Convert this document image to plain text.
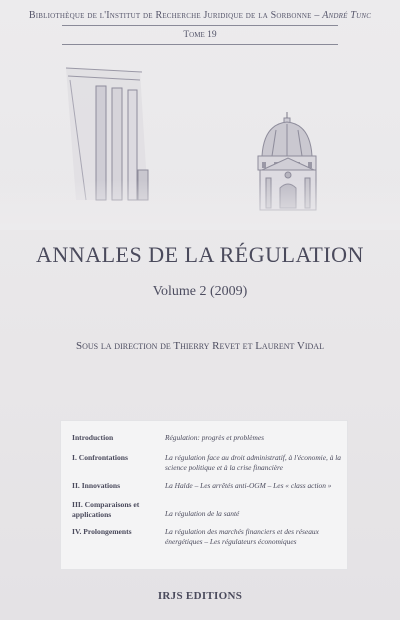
Bibliothèque de l'Institut de Recherche Juridique de la Sorbonne – André Tunc
Tome 19
ANNALES DE LA RÉGULATION
Volume 2 (2009)
Sous la direction de Thierry Revet et Laurent Vidal
Introduction	Régulation: progrès et problèmes
I. Confrontations	La régulation face au droit administratif, à l'économie, à la science politique et à la crise financière
II. Innovations	La Halde – Les arrêtés anti-OGM – Les « class action »
III. Comparaisons et applications	La régulation de la santé
IV. Prolongements	La régulation des marchés financiers et des réseaux énergétiques – Les régulateurs économiques
IRJS EDITIONS
